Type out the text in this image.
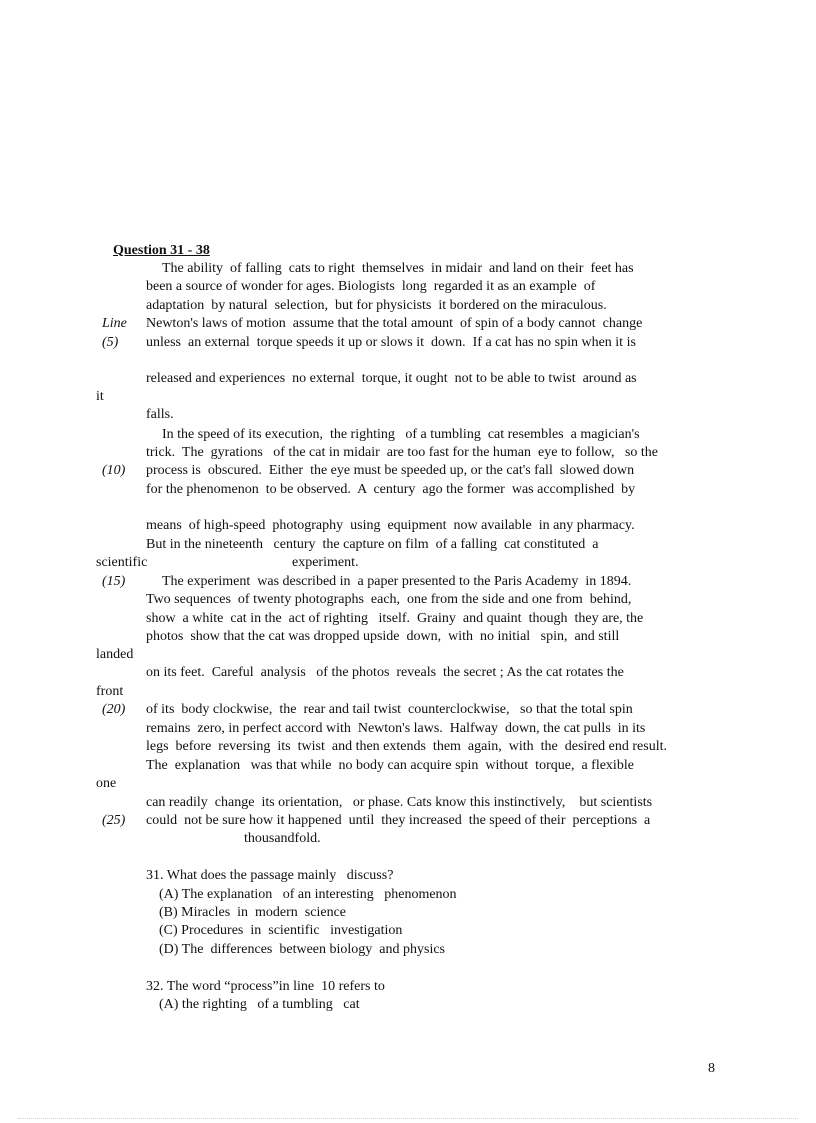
Question 31 - 38
The ability  of falling  cats to right  themselves  in midair  and land on their  feet has
been a source of wonder for ages. Biologists  long  regarded it as an example  of
adaptation  by natural  selection,  but for physicists  it bordered on the miraculous.
Newton's laws of motion  assume that the total amount  of spin of a body cannot  change
unless  an external  torque speeds it up or slows it  down.  If a cat has no spin when it is
released and experiences  no external  torque, it ought  not to be able to twist  around as
it
falls.
In the speed of its execution,  the righting   of a tumbling  cat resembles  a magician's
trick.  The  gyrations   of the cat in midair  are too fast for the human  eye to follow,   so the
process is  obscured.  Either  the eye must be speeded up, or the cat's fall  slowed down
for the phenomenon  to be observed.  A  century  ago the former  was accomplished  by
means  of high-speed  photography  using  equipment  now available  in any pharmacy.
But in the nineteenth   century  the capture on film  of a falling  cat constituted  a
scientific	experiment.
The experiment  was described in  a paper presented to the Paris Academy  in 1894.
Two sequences  of twenty photographs  each,  one from the side and one from  behind,
show  a white  cat in the  act of righting   itself.  Grainy  and quaint  though  they are, the
photos  show that the cat was dropped upside  down,  with  no initial   spin,  and still
landed
on its feet.  Careful  analysis   of the photos  reveals  the secret ; As the cat rotates the
front
of its  body clockwise,  the  rear and tail twist  counterclockwise,   so that the total spin
remains  zero, in perfect accord with  Newton's laws.  Halfway  down, the cat pulls  in its
legs  before  reversing  its  twist  and then extends  them  again,  with  the  desired end result.
The  explanation   was that while  no body can acquire spin  without  torque,  a flexible
one
can readily  change  its orientation,   or phase. Cats know this instinctively,    but scientists
could  not be sure how it happened  until  they increased  the speed of their  perceptions  a
thousandfold.
Line
(5)
(10)
(15)
(20)
(25)
31. What does the passage mainly   discuss?
(A) The explanation   of an interesting   phenomenon
(B) Miracles  in  modern  science
(C) Procedures  in  scientific   investigation
(D) The  differences  between biology  and physics
32. The word “process”in line  10 refers to
(A) the righting   of a tumbling   cat
8
